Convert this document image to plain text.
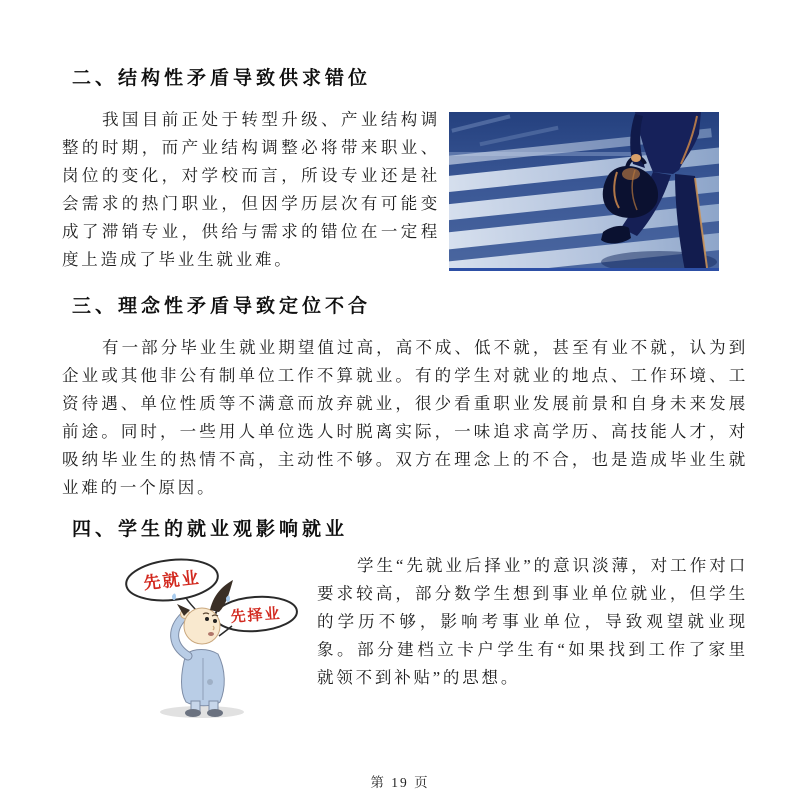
二、结构性矛盾导致供求错位

我国目前正处于转型升级、产业结构调整的时期，而产业结构调整必将带来职业、岗位的变化，对学校而言，所设专业还是社会需求的热门职业，但因学历层次有可能变成了滞销专业，供给与需求的错位在一定程度上造成了毕业生就业难。

三、理念性矛盾导致定位不合

有一部分毕业生就业期望值过高，高不成、低不就，甚至有业不就，认为到企业或其他非公有制单位工作不算就业。有的学生对就业的地点、工作环境、工资待遇、单位性质等不满意而放弃就业，很少看重职业发展前景和自身未来发展前途。同时，一些用人单位选人时脱离实际，一味追求高学历、高技能人才，对吸纳毕业生的热情不高，主动性不够。双方在理念上的不合，也是造成毕业生就业难的一个原因。

四、学生的就业观影响就业
先就业
先择业

学生“先就业后择业”的意识淡薄，对工作对口要求较高，部分数学生想到事业单位就业，但学生的学历不够，影响考事业单位，导致观望就业现象。部分建档立卡户学生有“如果找到工作了家里就领不到补贴”的思想。

第 19 页
